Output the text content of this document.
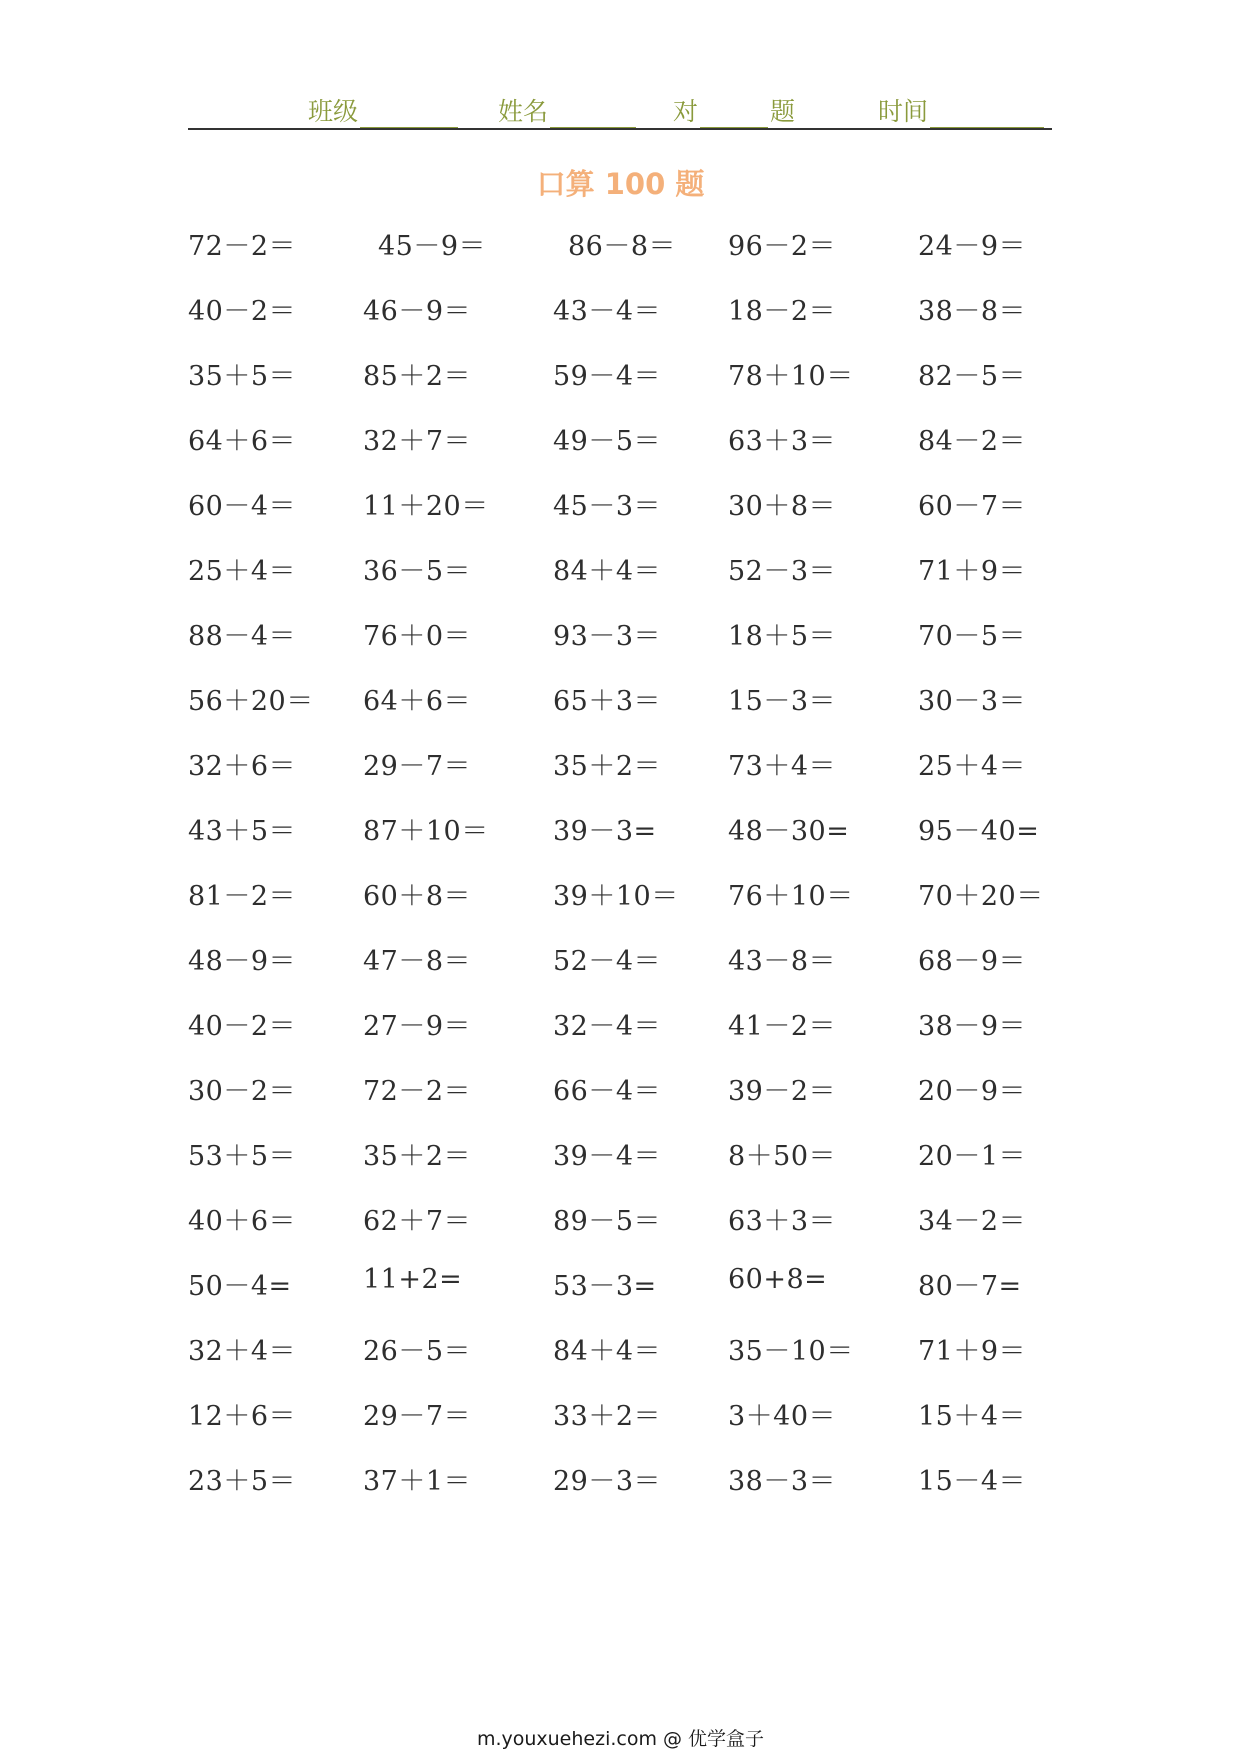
班级	姓名	对	题	时间
口算 100 题
72－2＝	45－9＝	86－8＝ 96－2＝	24－9＝
40－2＝ 46－9＝	43－4＝ 18－2＝	38－8＝
35＋5＝ 85＋2＝	59－4＝ 78＋10＝ 82－5＝
64＋6＝ 32＋7＝	49－5＝ 63＋3＝	84－2＝
60－4＝ 11＋20＝ 45－3＝ 30＋8＝	60－7＝
25＋4＝ 36－5＝	84＋4＝ 52－3＝	71＋9＝
88－4＝ 76＋0＝	93－3＝ 18＋5＝	70－5＝
56＋20＝ 64＋6＝	65＋3＝ 15－3＝	30－3＝
32＋6＝ 29－7＝	35＋2＝ 73＋4＝	25＋4＝
43＋5＝ 87＋10＝ 39－3=	48－30=	95－40=
81－2＝ 60＋8＝	39＋10＝ 76＋10＝ 70＋20＝
48－9＝ 47－8＝	52－4＝ 43－8＝	68－9＝
40－2＝ 27－9＝	32－4＝ 41－2＝	38－9＝
30－2＝ 72－2＝	66－4＝ 39－2＝	20－9＝
53＋5＝ 35＋2＝	39－4＝ 8＋50＝	20－1＝
40＋6＝ 62＋7＝	89－5＝ 63＋3＝	34－2＝
50－4=	11+2=	53－3=	60+8=	80－7=
32＋4＝ 26－5＝	84＋4＝ 35－10＝ 71＋9＝
12＋6＝ 29－7＝	33＋2＝ 3＋40＝	15＋4＝
23＋5＝ 37＋1＝	29－3＝ 38－3＝	15－4＝
m.youxuehezi.com @ 优学盒子
